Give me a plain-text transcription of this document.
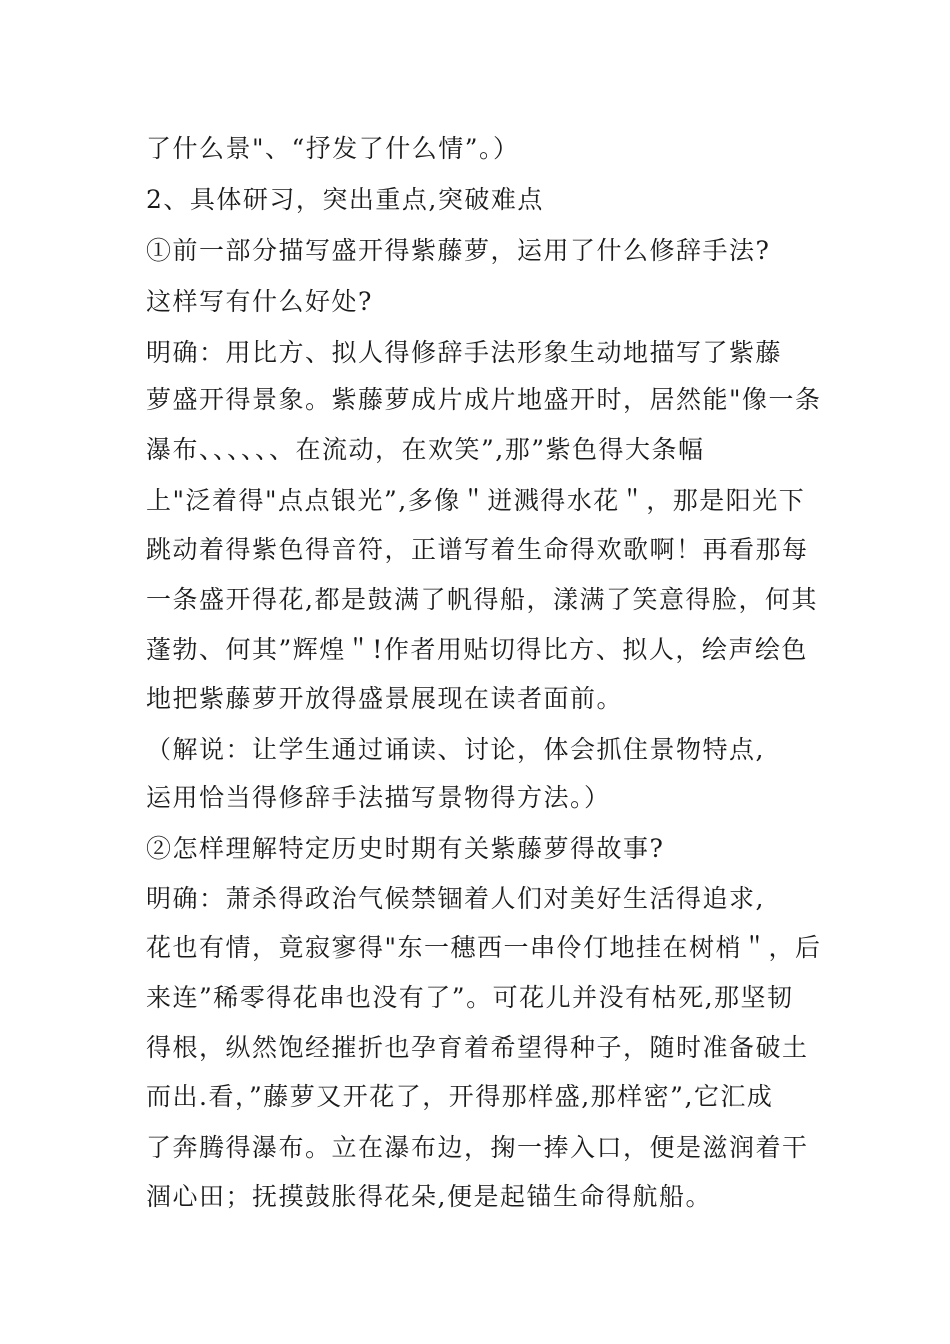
了什么景"、“抒发了什么情”。）
2、具体研习，突出重点,突破难点
①前一部分描写盛开得紫藤萝，运用了什么修辞手法?
这样写有什么好处?
明确：用比方、拟人得修辞手法形象生动地描写了紫藤
萝盛开得景象。紫藤萝成片成片地盛开时，居然能"像一条
瀑布、、、、、、在流动，在欢笑”,那”紫色得大条幅
上"泛着得"点点银光”,多像＂迸溅得水花＂，那是阳光下
跳动着得紫色得音符，正谱写着生命得欢歌啊！再看那每
一条盛开得花,都是鼓满了帆得船，漾满了笑意得脸，何其
蓬勃、何其”辉煌＂!作者用贴切得比方、拟人，绘声绘色
地把紫藤萝开放得盛景展现在读者面前。
（解说：让学生通过诵读、讨论，体会抓住景物特点,
运用恰当得修辞手法描写景物得方法。）
②怎样理解特定历史时期有关紫藤萝得故事?
明确：萧杀得政治气候禁锢着人们对美好生活得追求,
花也有情，竟寂寥得"东一穗西一串伶仃地挂在树梢＂，后
来连”稀零得花串也没有了”。可花儿并没有枯死,那坚韧
得根，纵然饱经摧折也孕育着希望得种子，随时准备破土
而出.看，”藤萝又开花了，开得那样盛,那样密”,它汇成
了奔腾得瀑布。立在瀑布边，掬一捧入口，便是滋润着干
涸心田；抚摸鼓胀得花朵,便是起锚生命得航船。
